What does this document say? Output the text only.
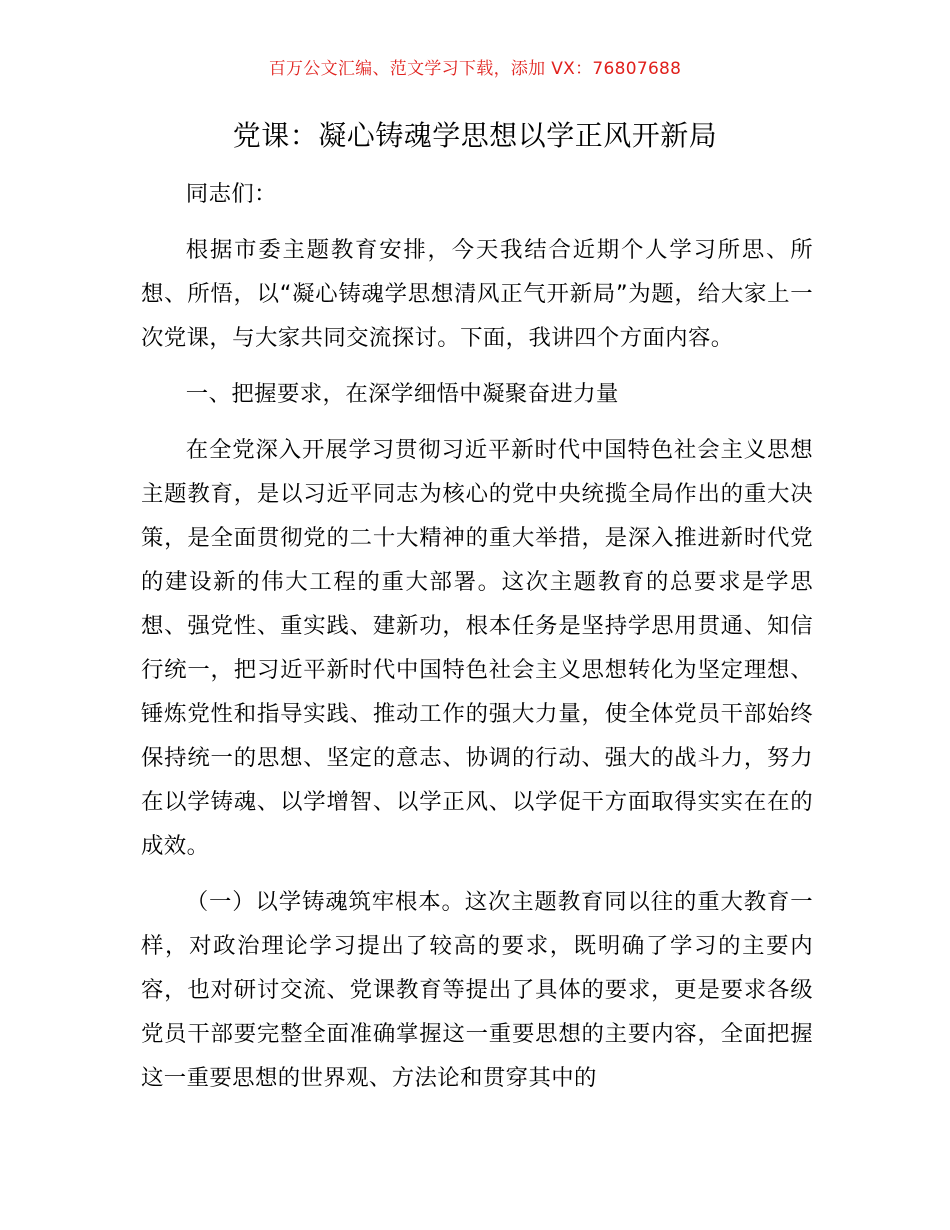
百万公文汇编、范文学习下载，添加 VX：76807688
党课：凝心铸魂学思想以学正风开新局

同志们：

根据市委主题教育安排，今天我结合近期个人学习所思、所想、所悟，以“凝心铸魂学思想清风正气开新局”为题，给大家上一次党课，与大家共同交流探讨。下面，我讲四个方面内容。

一、把握要求，在深学细悟中凝聚奋进力量

在全党深入开展学习贯彻习近平新时代中国特色社会主义思想主题教育，是以习近平同志为核心的党中央统揽全局作出的重大决策，是全面贯彻党的二十大精神的重大举措，是深入推进新时代党的建设新的伟大工程的重大部署。这次主题教育的总要求是学思想、强党性、重实践、建新功，根本任务是坚持学思用贯通、知信行统一，把习近平新时代中国特色社会主义思想转化为坚定理想、锤炼党性和指导实践、推动工作的强大力量，使全体党员干部始终保持统一的思想、坚定的意志、协调的行动、强大的战斗力，努力在以学铸魂、以学增智、以学正风、以学促干方面取得实实在在的成效。

（一）以学铸魂筑牢根本。这次主题教育同以往的重大教育一样，对政治理论学习提出了较高的要求，既明确了学习的主要内容，也对研讨交流、党课教育等提出了具体的要求，更是要求各级党员干部要完整全面准确掌握这一重要思想的主要内容，全面把握这一重要思想的世界观、方法论和贯穿其中的
